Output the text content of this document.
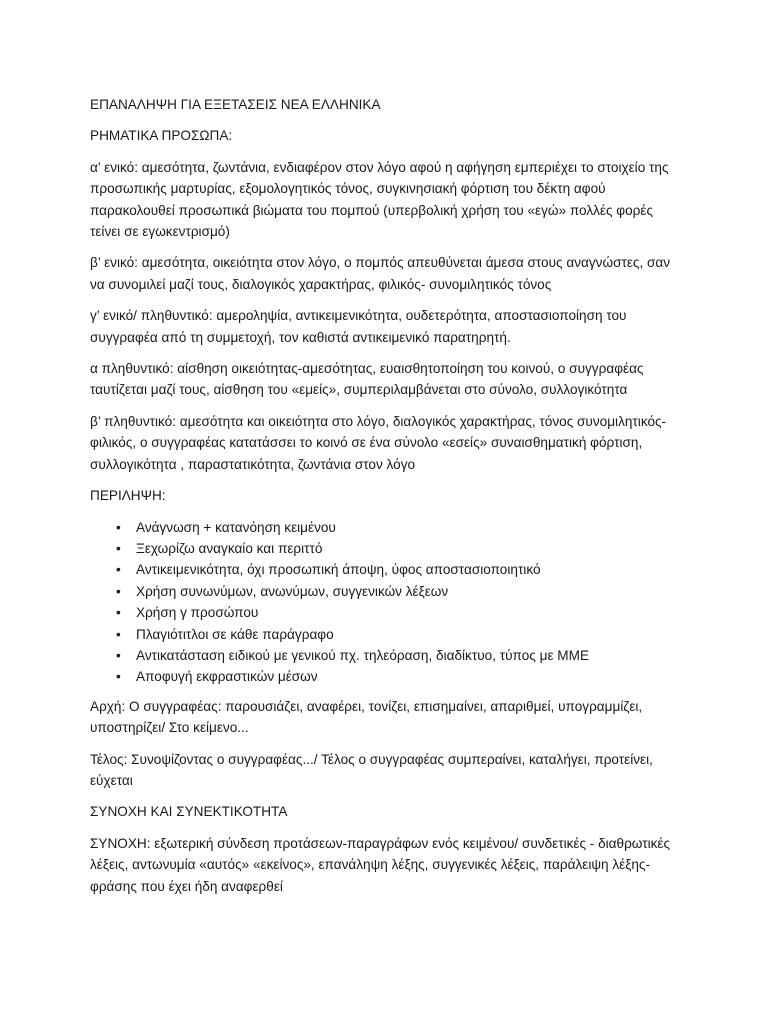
ΕΠΑΝΑΛΗΨΗ ΓΙΑ ΕΞΕΤΑΣΕΙΣ ΝΕΑ ΕΛΛΗΝΙΚΑ

ΡΗΜΑΤΙΚΑ ΠΡΟΣΩΠΑ:

α’ ενικό: αμεσότητα, ζωντάνια, ενδιαφέρον στον λόγο αφού η αφήγηση εμπεριέχει το στοιχείο της προσωπικής μαρτυρίας, εξομολογητικός τόνος, συγκινησιακή φόρτιση του δέκτη αφού παρακολουθεί προσωπικά βιώματα του πομπού (υπερβολική χρήση του «εγώ» πολλές φορές τείνει σε εγωκεντρισμό)

β’ ενικό: αμεσότητα, οικειότητα στον λόγο, ο πομπός απευθύνεται άμεσα στους αναγνώστες, σαν να συνομιλεί μαζί τους, διαλογικός χαρακτήρας, φιλικός- συνομιλητικός τόνος

γ’ ενικό/ πληθυντικό: αμεροληψία, αντικειμενικότητα, ουδετερότητα, αποστασιοποίηση του συγγραφέα από τη συμμετοχή, τον καθιστά αντικειμενικό παρατηρητή.

α πληθυντικό: αίσθηση οικειότητας-αμεσότητας, ευαισθητοποίηση του κοινού, ο συγγραφέας ταυτίζεται μαζί τους, αίσθηση του «εμείς», συμπεριλαμβάνεται στο σύνολο, συλλογικότητα

β’ πληθυντικό: αμεσότητα και οικειότητα στο λόγο, διαλογικός χαρακτήρας, τόνος συνομιλητικός-φιλικός, ο συγγραφέας κατατάσσει το κοινό σε ένα σύνολο «εσείς» συναισθηματική φόρτιση, συλλογικότητα , παραστατικότητα, ζωντάνια στον λόγο

ΠΕΡΙΛΗΨΗ:

• Ανάγνωση + κατανόηση κειμένου
• Ξεχωρίζω αναγκαίο και περιττό
• Αντικειμενικότητα, όχι προσωπική άποψη, ύφος αποστασιοποιητικό
• Χρήση συνωνύμων, ανωνύμων, συγγενικών λέξεων
• Χρήση γ προσώπου
• Πλαγιότιτλοι σε κάθε παράγραφο
• Αντικατάσταση ειδικού με γενικού πχ. τηλεόραση, διαδίκτυο, τύπος με ΜΜΕ
• Αποφυγή εκφραστικών μέσων

Αρχή: Ο συγγραφέας: παρουσιάζει, αναφέρει, τονίζει, επισημαίνει, απαριθμεί, υπογραμμίζει, υποστηρίζει/ Στο κείμενο...

Τέλος: Συνοψίζοντας ο συγγραφέας.../ Τέλος ο συγγραφέας συμπεραίνει, καταλήγει, προτείνει, εύχεται

ΣΥΝΟΧΗ ΚΑΙ ΣΥΝΕΚΤΙΚΟΤΗΤΑ

ΣΥΝΟΧΗ: εξωτερική σύνδεση προτάσεων-παραγράφων ενός κειμένου/ συνδετικές - διαθρωτικές λέξεις, αντωνυμία «αυτός» «εκείνος», επανάληψη λέξης, συγγενικές λέξεις, παράλειψη λέξης-φράσης που έχει ήδη αναφερθεί
